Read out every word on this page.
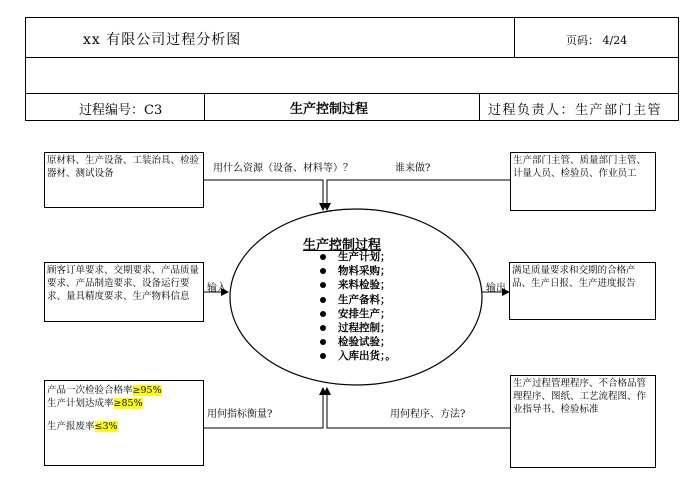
xx 有限公司过程分析图	页码： 4/24
过程编号：C3	生产控制过程	过程负责人：生产部门主管
原材料、生产设备、工装治具、检验器材、测试设备
生产部门主管、质量部门主管、计量人员、检验员、作业员工
顾客订单要求、交期要求、产品质量要求、产品制造要求、设备运行要求、量具精度要求、生产物料信息
满足质量要求和交期的合格产品、生产日报、生产进度报告
产品一次检验合格率≥95%
生产计划达成率≥85%
生产报废率≤3%
生产过程管理程序、不合格品管理程序、图纸、工艺流程图、作业指导书、检验标准
用什么资源（设备、材料等）？	谁来做?
输入	输出
用何指标衡量?	用何程序、方法?
生产控制过程
生产计划；
物料采购；
来料检验；
生产备料；
安排生产；
过程控制；
检验试验；
入库出货；。
